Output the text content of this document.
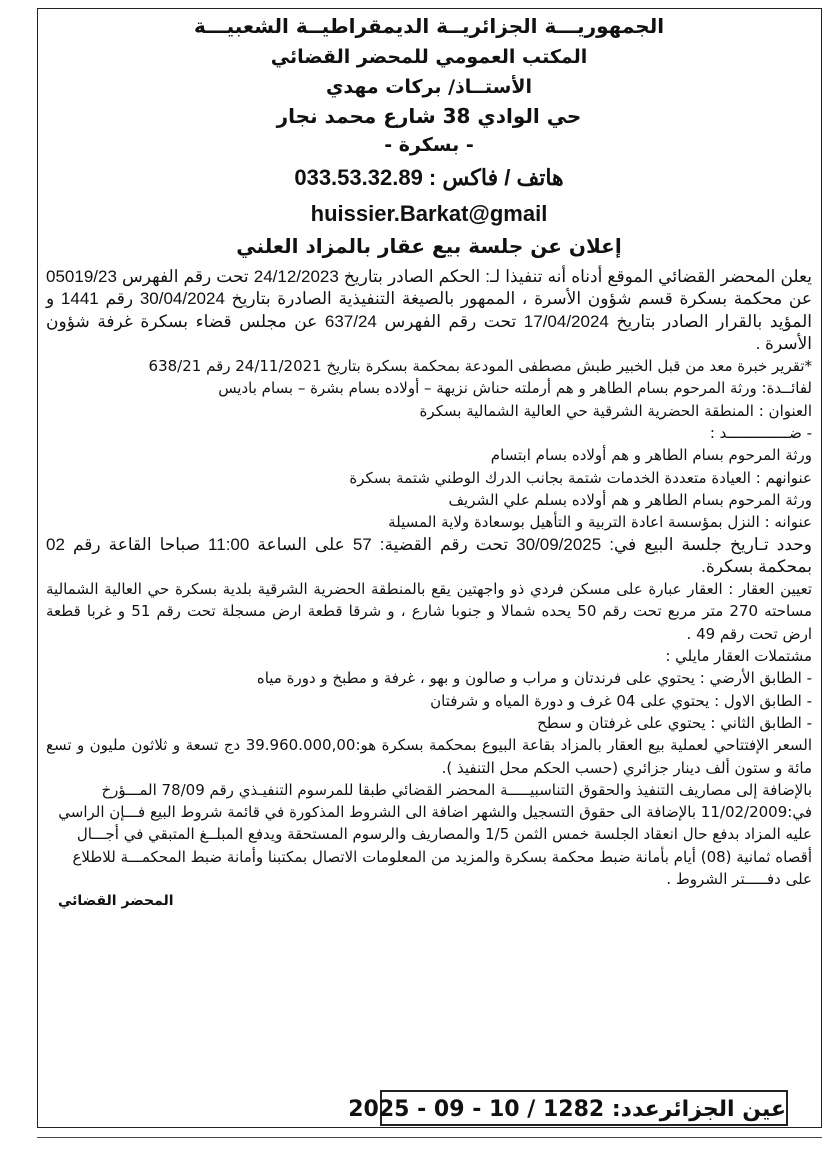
الجمهوريـــة الجزائريــة الديمقراطيــة الشعبيـــة
المكتب العمومي للمحضر القضائي
الأستــاذ/ بركات مهدي
حي الوادي 38 شارع محمد نجار
- بسكرة -
هاتف / فاكس : 033.53.32.89
huissier.Barkat@gmail
إعلان عن جلسة بيع عقار بالمزاد العلني

يعلن المحضر القضائي الموقع أدناه أنه تنفيذا لـ: الحكم الصادر بتاريخ 24/12/2023 تحت رقم الفهرس 05019/23 عن محكمة بسكرة قسم شؤون الأسرة ، الممهور بالصيغة التنفيذية الصادرة بتاريخ 30/04/2024 رقم 1441 و المؤيد بالقرار الصادر بتاريخ 17/04/2024 تحت رقم الفهرس 637/24 عن مجلس قضاء بسكرة غرفة شؤون الأسرة .

*تقرير خبرة معد من قبل الخبير طبش مصطفى المودعة بمحكمة بسكرة بتاريخ 24/11/2021 رقم 638/21

لفائــدة: ورثة المرحوم بسام الطاهر و هم أرملته حناش نزيهة – أولاده بسام بشرة – بسام باديس

العنوان : المنطقة الحضرية الشرقية حي العالية الشمالية بسكرة

- ضــــــــــــــد :

ورثة المرحوم بسام الطاهر و هم أولاده بسام ابتسام

عنوانهم : العيادة متعددة الخدمات شتمة بجانب الدرك الوطني شتمة بسكرة

ورثة المرحوم بسام الطاهر و هم أولاده بسلم علي الشريف

عنوانه : النزل بمؤسسة اعادة التربية و التأهيل بوسعادة ولاية المسيلة

وحدد تـاريخ جلسة البيع في: 30/09/2025 تحت رقم القضية: 57 على الساعة 11:00 صباحا القاعة رقم 02 بمحكمة بسكرة.

تعيين العقار : العقار عبارة على مسكن فردي ذو واجهتين يقع بالمنطقة الحضرية الشرقية بلدية بسكرة حي العالية الشمالية مساحته 270 متر مربع تحت رقم 50 يحده شمالا و جنوبا شارع ، و شرقا قطعة ارض مسجلة تحت رقم 51 و غربا قطعة ارض تحت رقم 49 .

مشتملات العقار مايلي :

- الطابق الأرضي : يحتوي على فرندتان و مراب و صالون و بهو ، غرفة و مطبخ و دورة مياه

- الطابق الاول : يحتوي على 04 غرف و دورة المياه و شرفتان

- الطابق الثاني : يحتوي على غرفتان و سطح

السعر الإفتتاحي لعملية بيع العقار بالمزاد بقاعة البيوع بمحكمة بسكرة هو:39.960.000,00 دج تسعة و ثلاثون مليون و تسع مائة و ستون ألف دينار جزائري (حسب الحكم محل التنفيذ ).

بالإضافة إلى مصاريف التنفيذ والحقوق التناسبيـــــة المحضر القضائي طبقا للمرسوم التنفيـذي رقم 78/09 المـــؤرخ

في:11/02/2009 بالإضافة الى حقوق التسجيل والشهر اضافة الى الشروط المذكورة في قائمة شروط البيع فـــإن الراسي

عليه المزاد بدفع حال انعقاد الجلسة خمس الثمن 1/5 والمصاريف والرسوم المستحقة ويدفع المبلــغ المتبقي في أجـــال

أقصاه ثمانية (08) أيام بأمانة ضبط محكمة بسكرة والمزيد من المعلومات الاتصال بمكتبنا وأمانة ضبط المحكمـــة للاطلاع

على دفـــــتر الشروط .

المحضر القضائي

عين الجزائرعدد: 1282 / 10 - 09 - 2025
